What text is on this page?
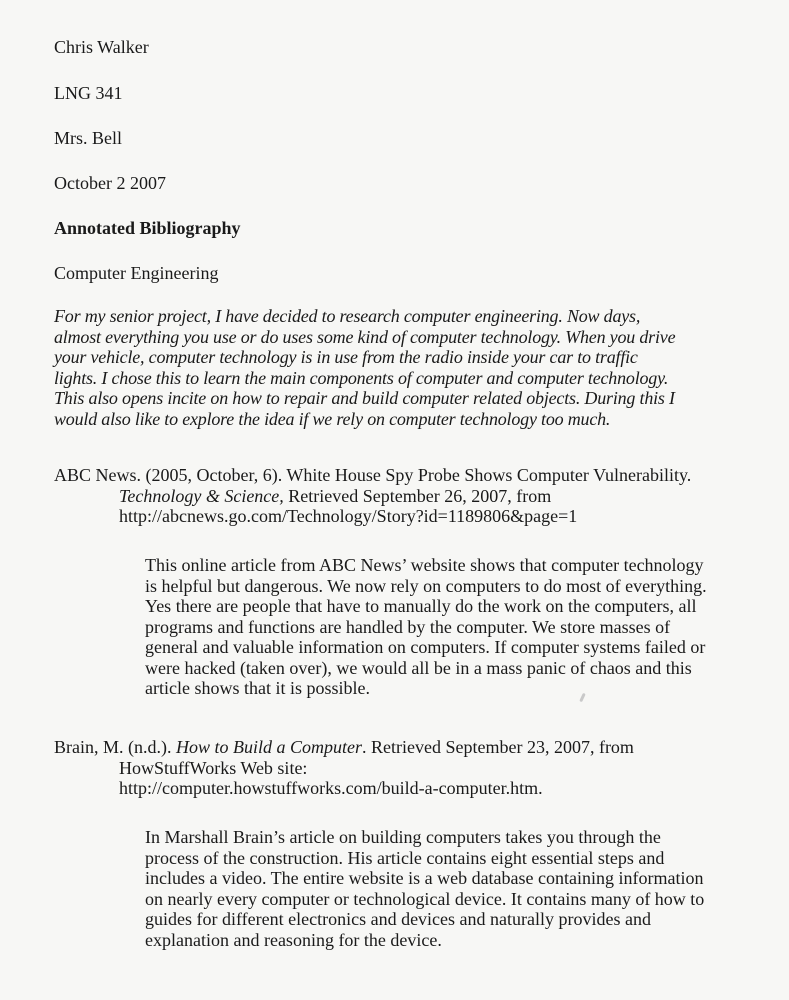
Chris Walker
LNG 341
Mrs. Bell
October 2 2007
Annotated Bibliography
Computer Engineering
For my senior project, I have decided to research computer engineering. Now days,
almost everything you use or do uses some kind of computer technology. When you drive
your vehicle, computer technology is in use from the radio inside your car to traffic
lights. I chose this to learn the main components of computer and computer technology.
This also opens incite on how to repair and build computer related objects. During this I
would also like to explore the idea if we rely on computer technology too much.
ABC News. (2005, October, 6). White House Spy Probe Shows Computer Vulnerability.
Technology & Science, Retrieved September 26, 2007, from
http://abcnews.go.com/Technology/Story?id=1189806&page=1
This online article from ABC News’ website shows that computer technology
is helpful but dangerous. We now rely on computers to do most of everything.
Yes there are people that have to manually do the work on the computers, all
programs and functions are handled by the computer. We store masses of
general and valuable information on computers. If computer systems failed or
were hacked (taken over), we would all be in a mass panic of chaos and this
article shows that it is possible.
Brain, M. (n.d.). How to Build a Computer. Retrieved September 23, 2007, from
HowStuffWorks Web site:
http://computer.howstuffworks.com/build-a-computer.htm.
In Marshall Brain’s article on building computers takes you through the
process of the construction. His article contains eight essential steps and
includes a video. The entire website is a web database containing information
on nearly every computer or technological device. It contains many of how to
guides for different electronics and devices and naturally provides and
explanation and reasoning for the device.
